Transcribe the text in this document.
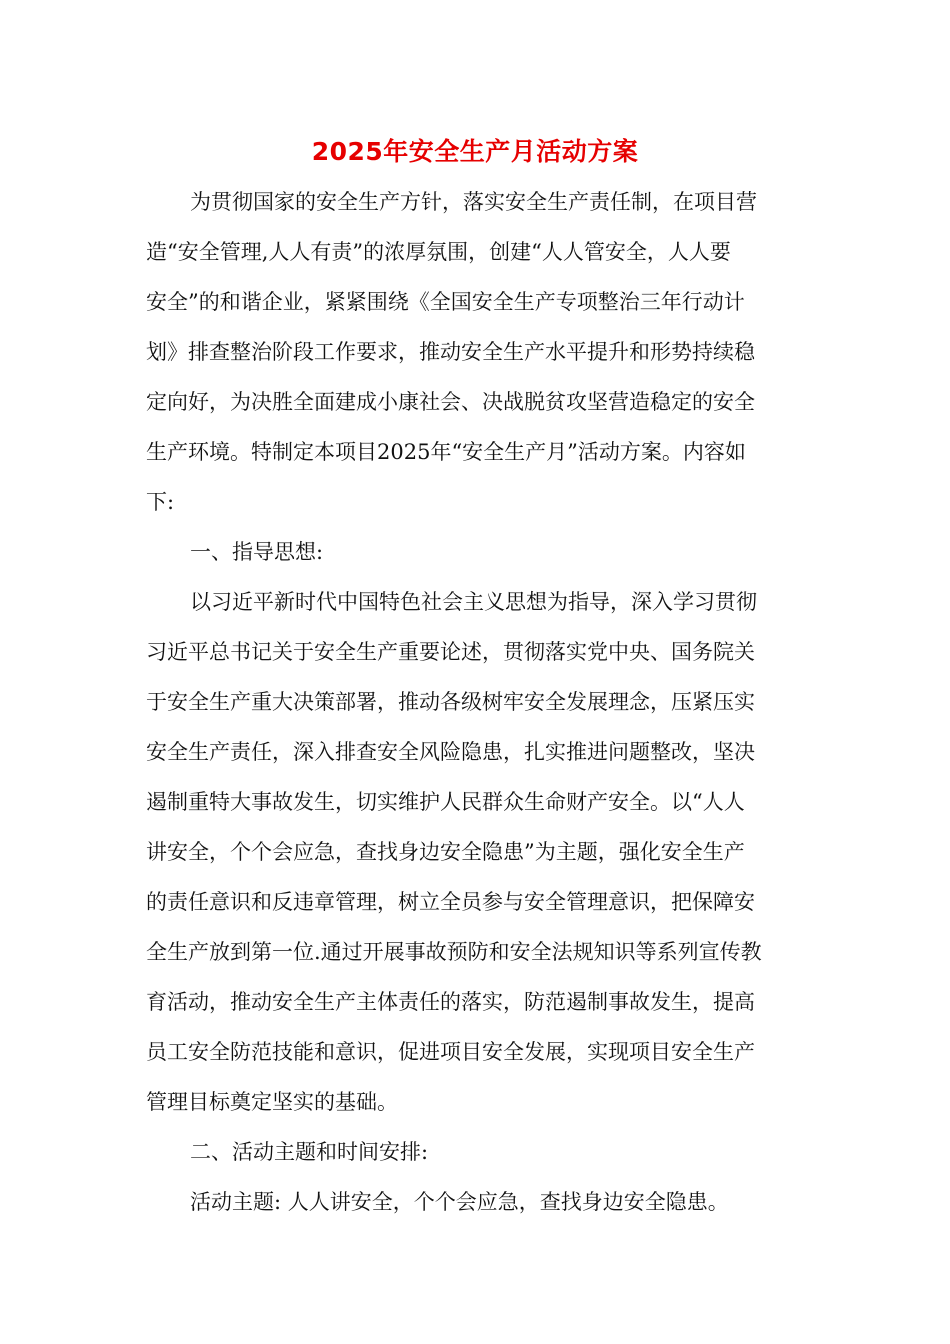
2025年安全生产月活动方案
为贯彻国家的安全生产方针，落实安全生产责任制，在项目营
造“安全管理,人人有责”的浓厚氛围，创建“人人管安全，人人要
安全”的和谐企业，紧紧围绕《全国安全生产专项整治三年行动计
划》排查整治阶段工作要求，推动安全生产水平提升和形势持续稳
定向好，为决胜全面建成小康社会、决战脱贫攻坚营造稳定的安全
生产环境。特制定本项目2025年“安全生产月”活动方案。内容如
下:
一、指导思想:
以习近平新时代中国特色社会主义思想为指导，深入学习贯彻
习近平总书记关于安全生产重要论述，贯彻落实党中央、国务院关
于安全生产重大决策部署，推动各级树牢安全发展理念，压紧压实
安全生产责任，深入排查安全风险隐患，扎实推进问题整改，坚决
遏制重特大事故发生，切实维护人民群众生命财产安全。以“人人
讲安全，个个会应急，查找身边安全隐患”为主题，强化安全生产
的责任意识和反违章管理，树立全员参与安全管理意识，把保障安
全生产放到第一位.通过开展事故预防和安全法规知识等系列宣传教
育活动，推动安全生产主体责任的落实，防范遏制事故发生，提高
员工安全防范技能和意识，促进项目安全发展，实现项目安全生产
管理目标奠定坚实的基础。
二、活动主题和时间安排:
活动主题: 人人讲安全，个个会应急，查找身边安全隐患。
